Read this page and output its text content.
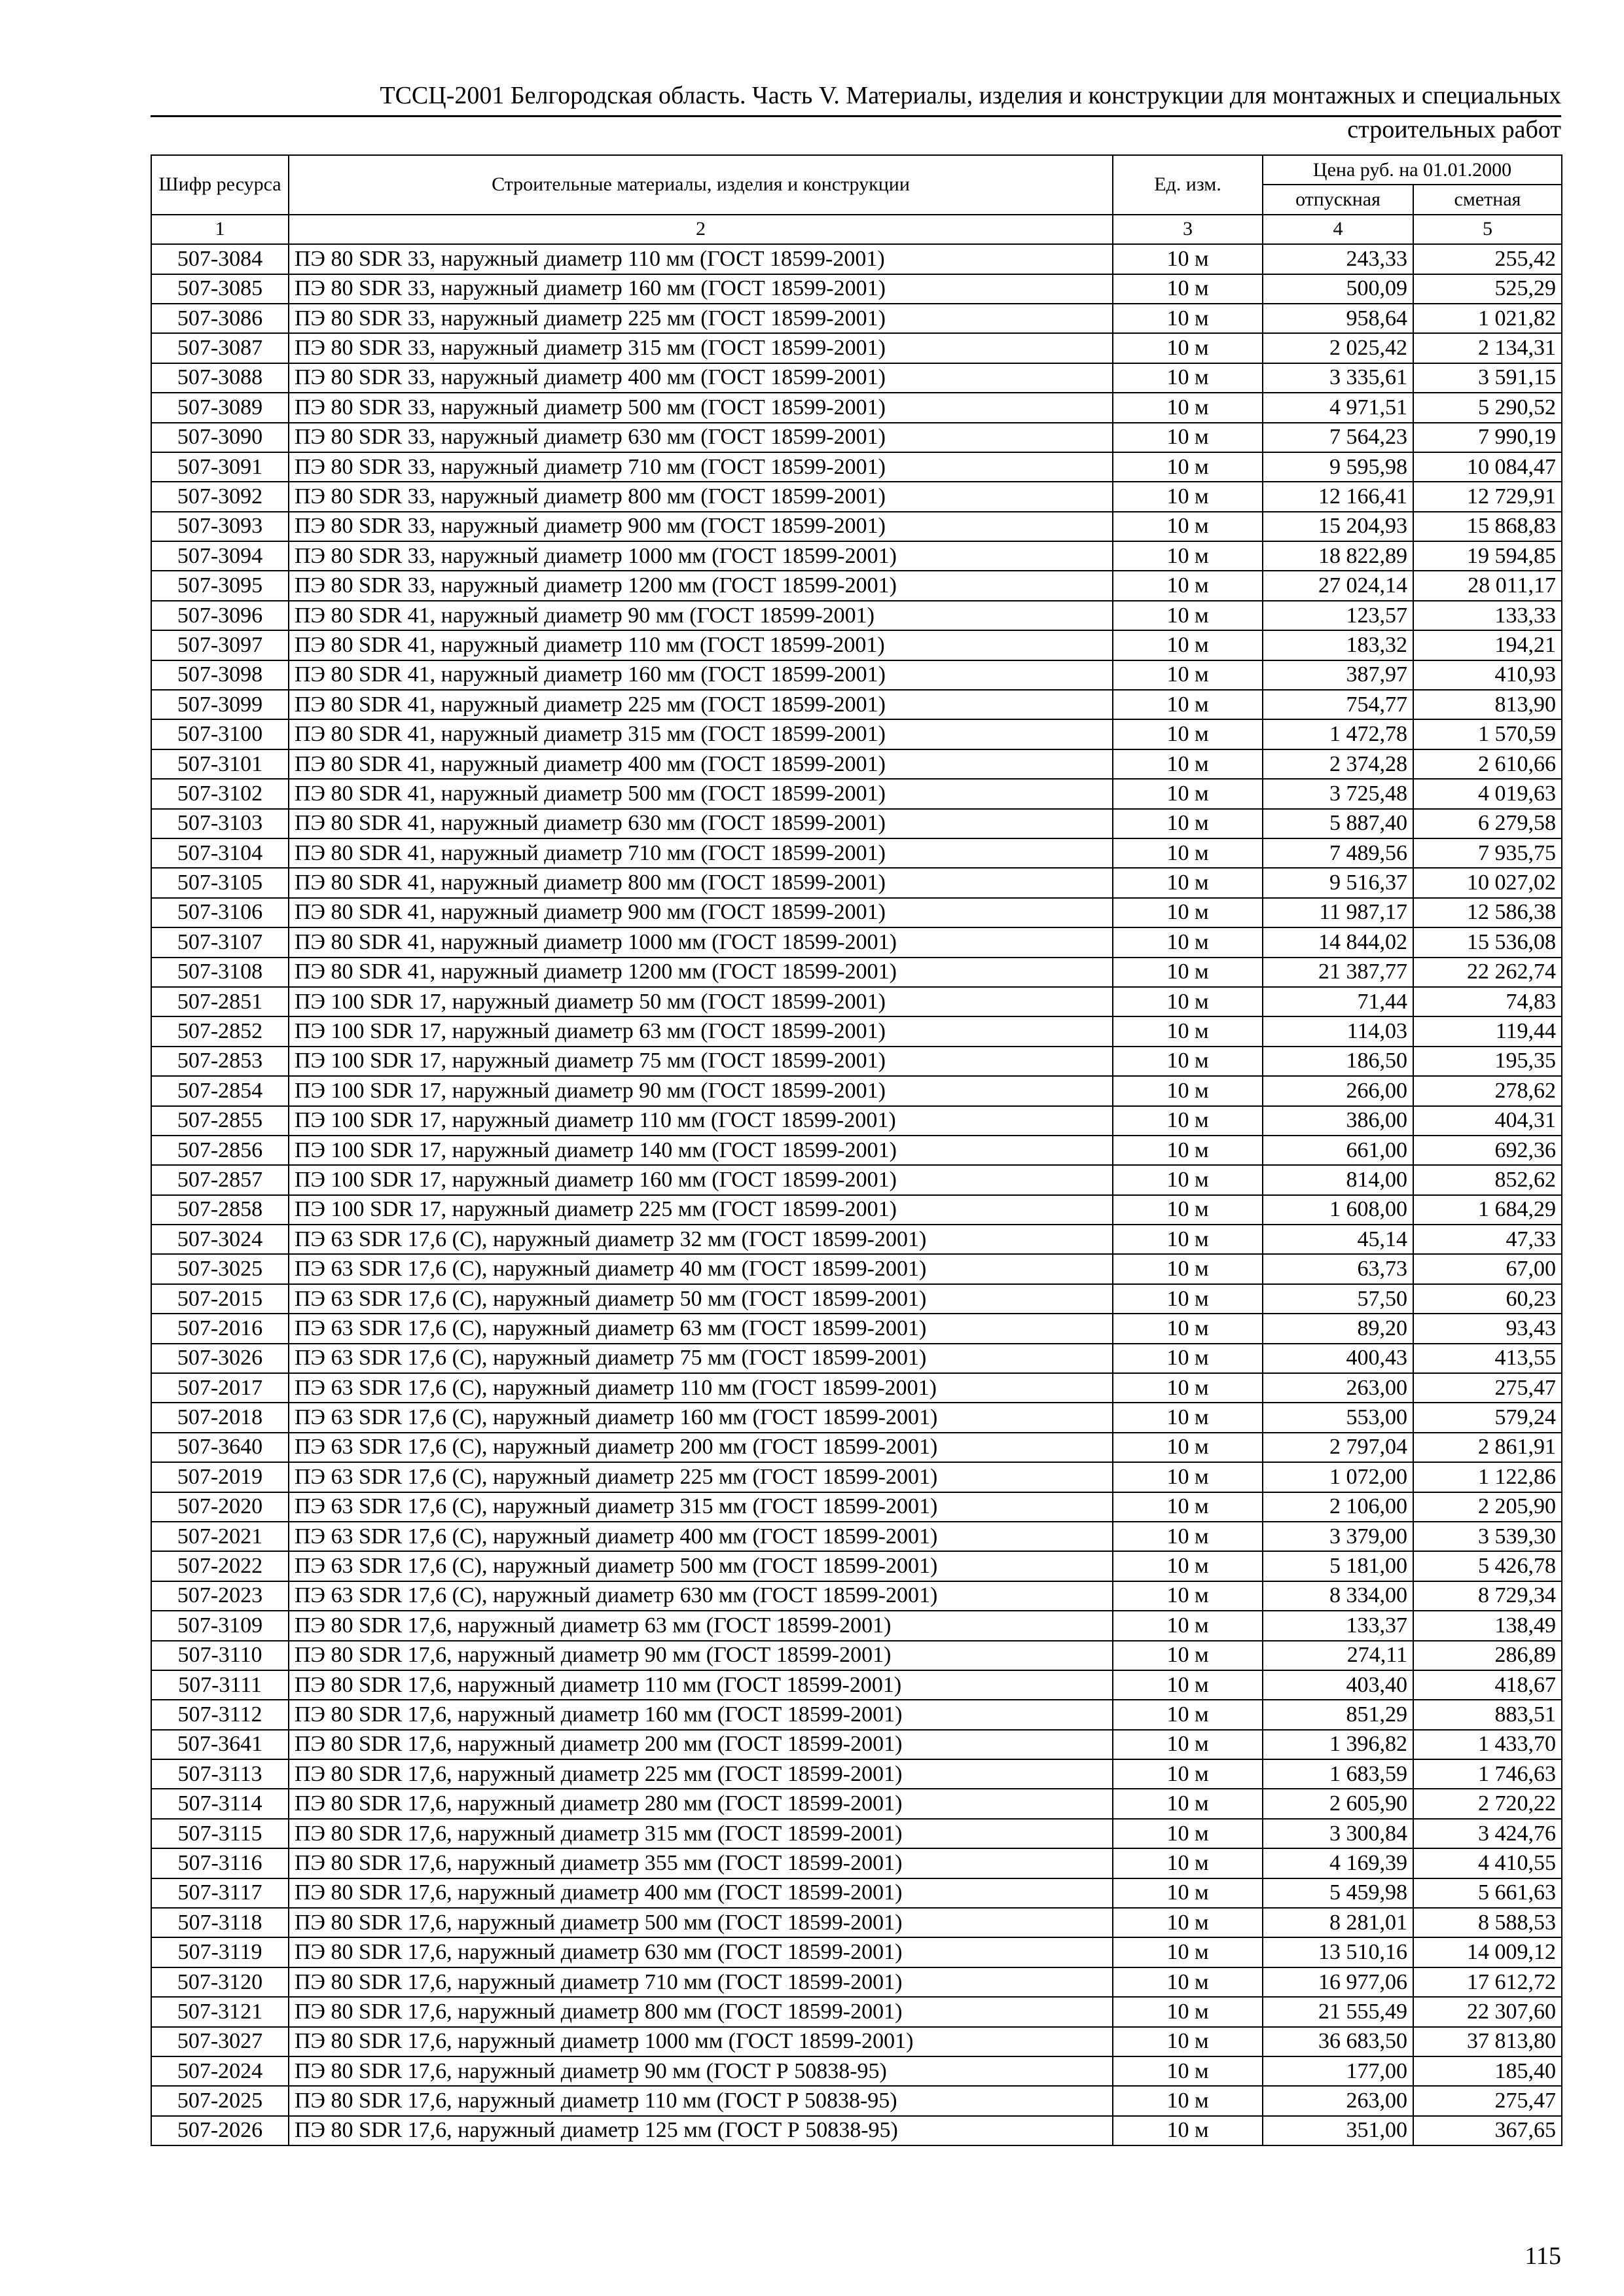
ТССЦ-2001 Белгородская область. Часть V. Материалы, изделия и конструкции для монтажных и специальных
строительных работ
Шифр ресурса	Строительные материалы, изделия и конструкции	Ед. изм.	Цена руб. на 01.01.2000	
			отпускная	сметная
1	2	3	4	5
507-3084	ПЭ 80 SDR 33, наружный диаметр 110 мм (ГОСТ 18599-2001)	10 м	243,33	255,42
507-3085	ПЭ 80 SDR 33, наружный диаметр 160 мм (ГОСТ 18599-2001)	10 м	500,09	525,29
507-3086	ПЭ 80 SDR 33, наружный диаметр 225 мм (ГОСТ 18599-2001)	10 м	958,64	1 021,82
507-3087	ПЭ 80 SDR 33, наружный диаметр 315 мм (ГОСТ 18599-2001)	10 м	2 025,42	2 134,31
507-3088	ПЭ 80 SDR 33, наружный диаметр 400 мм (ГОСТ 18599-2001)	10 м	3 335,61	3 591,15
507-3089	ПЭ 80 SDR 33, наружный диаметр 500 мм (ГОСТ 18599-2001)	10 м	4 971,51	5 290,52
507-3090	ПЭ 80 SDR 33, наружный диаметр 630 мм (ГОСТ 18599-2001)	10 м	7 564,23	7 990,19
507-3091	ПЭ 80 SDR 33, наружный диаметр 710 мм (ГОСТ 18599-2001)	10 м	9 595,98	10 084,47
507-3092	ПЭ 80 SDR 33, наружный диаметр 800 мм (ГОСТ 18599-2001)	10 м	12 166,41	12 729,91
507-3093	ПЭ 80 SDR 33, наружный диаметр 900 мм (ГОСТ 18599-2001)	10 м	15 204,93	15 868,83
507-3094	ПЭ 80 SDR 33, наружный диаметр 1000 мм (ГОСТ 18599-2001)	10 м	18 822,89	19 594,85
507-3095	ПЭ 80 SDR 33, наружный диаметр 1200 мм (ГОСТ 18599-2001)	10 м	27 024,14	28 011,17
507-3096	ПЭ 80 SDR 41, наружный диаметр 90 мм (ГОСТ 18599-2001)	10 м	123,57	133,33
507-3097	ПЭ 80 SDR 41, наружный диаметр 110 мм (ГОСТ 18599-2001)	10 м	183,32	194,21
507-3098	ПЭ 80 SDR 41, наружный диаметр 160 мм (ГОСТ 18599-2001)	10 м	387,97	410,93
507-3099	ПЭ 80 SDR 41, наружный диаметр 225 мм (ГОСТ 18599-2001)	10 м	754,77	813,90
507-3100	ПЭ 80 SDR 41, наружный диаметр 315 мм (ГОСТ 18599-2001)	10 м	1 472,78	1 570,59
507-3101	ПЭ 80 SDR 41, наружный диаметр 400 мм (ГОСТ 18599-2001)	10 м	2 374,28	2 610,66
507-3102	ПЭ 80 SDR 41, наружный диаметр 500 мм (ГОСТ 18599-2001)	10 м	3 725,48	4 019,63
507-3103	ПЭ 80 SDR 41, наружный диаметр 630 мм (ГОСТ 18599-2001)	10 м	5 887,40	6 279,58
507-3104	ПЭ 80 SDR 41, наружный диаметр 710 мм (ГОСТ 18599-2001)	10 м	7 489,56	7 935,75
507-3105	ПЭ 80 SDR 41, наружный диаметр 800 мм (ГОСТ 18599-2001)	10 м	9 516,37	10 027,02
507-3106	ПЭ 80 SDR 41, наружный диаметр 900 мм (ГОСТ 18599-2001)	10 м	11 987,17	12 586,38
507-3107	ПЭ 80 SDR 41, наружный диаметр 1000 мм (ГОСТ 18599-2001)	10 м	14 844,02	15 536,08
507-3108	ПЭ 80 SDR 41, наружный диаметр 1200 мм (ГОСТ 18599-2001)	10 м	21 387,77	22 262,74
507-2851	ПЭ 100 SDR 17, наружный диаметр 50 мм (ГОСТ 18599-2001)	10 м	71,44	74,83
507-2852	ПЭ 100 SDR 17, наружный диаметр 63 мм (ГОСТ 18599-2001)	10 м	114,03	119,44
507-2853	ПЭ 100 SDR 17, наружный диаметр 75 мм (ГОСТ 18599-2001)	10 м	186,50	195,35
507-2854	ПЭ 100 SDR 17, наружный диаметр 90 мм (ГОСТ 18599-2001)	10 м	266,00	278,62
507-2855	ПЭ 100 SDR 17, наружный диаметр 110 мм (ГОСТ 18599-2001)	10 м	386,00	404,31
507-2856	ПЭ 100 SDR 17, наружный диаметр 140 мм (ГОСТ 18599-2001)	10 м	661,00	692,36
507-2857	ПЭ 100 SDR 17, наружный диаметр 160 мм (ГОСТ 18599-2001)	10 м	814,00	852,62
507-2858	ПЭ 100 SDR 17, наружный диаметр 225 мм (ГОСТ 18599-2001)	10 м	1 608,00	1 684,29
507-3024	ПЭ 63 SDR 17,6 (С), наружный диаметр 32 мм (ГОСТ 18599-2001)	10 м	45,14	47,33
507-3025	ПЭ 63 SDR 17,6 (С), наружный диаметр 40 мм (ГОСТ 18599-2001)	10 м	63,73	67,00
507-2015	ПЭ 63 SDR 17,6 (С), наружный диаметр 50 мм (ГОСТ 18599-2001)	10 м	57,50	60,23
507-2016	ПЭ 63 SDR 17,6 (С), наружный диаметр 63 мм (ГОСТ 18599-2001)	10 м	89,20	93,43
507-3026	ПЭ 63 SDR 17,6 (С), наружный диаметр 75 мм (ГОСТ 18599-2001)	10 м	400,43	413,55
507-2017	ПЭ 63 SDR 17,6 (С), наружный диаметр 110 мм (ГОСТ 18599-2001)	10 м	263,00	275,47
507-2018	ПЭ 63 SDR 17,6 (С), наружный диаметр 160 мм (ГОСТ 18599-2001)	10 м	553,00	579,24
507-3640	ПЭ 63 SDR 17,6 (С), наружный диаметр 200 мм (ГОСТ 18599-2001)	10 м	2 797,04	2 861,91
507-2019	ПЭ 63 SDR 17,6 (С), наружный диаметр 225 мм (ГОСТ 18599-2001)	10 м	1 072,00	1 122,86
507-2020	ПЭ 63 SDR 17,6 (С), наружный диаметр 315 мм (ГОСТ 18599-2001)	10 м	2 106,00	2 205,90
507-2021	ПЭ 63 SDR 17,6 (С), наружный диаметр 400 мм (ГОСТ 18599-2001)	10 м	3 379,00	3 539,30
507-2022	ПЭ 63 SDR 17,6 (С), наружный диаметр 500 мм (ГОСТ 18599-2001)	10 м	5 181,00	5 426,78
507-2023	ПЭ 63 SDR 17,6 (С), наружный диаметр 630 мм (ГОСТ 18599-2001)	10 м	8 334,00	8 729,34
507-3109	ПЭ 80 SDR 17,6, наружный диаметр 63 мм (ГОСТ 18599-2001)	10 м	133,37	138,49
507-3110	ПЭ 80 SDR 17,6, наружный диаметр 90 мм (ГОСТ 18599-2001)	10 м	274,11	286,89
507-3111	ПЭ 80 SDR 17,6, наружный диаметр 110 мм (ГОСТ 18599-2001)	10 м	403,40	418,67
507-3112	ПЭ 80 SDR 17,6, наружный диаметр 160 мм (ГОСТ 18599-2001)	10 м	851,29	883,51
507-3641	ПЭ 80 SDR 17,6, наружный диаметр 200 мм (ГОСТ 18599-2001)	10 м	1 396,82	1 433,70
507-3113	ПЭ 80 SDR 17,6, наружный диаметр 225 мм (ГОСТ 18599-2001)	10 м	1 683,59	1 746,63
507-3114	ПЭ 80 SDR 17,6, наружный диаметр 280 мм (ГОСТ 18599-2001)	10 м	2 605,90	2 720,22
507-3115	ПЭ 80 SDR 17,6, наружный диаметр 315 мм (ГОСТ 18599-2001)	10 м	3 300,84	3 424,76
507-3116	ПЭ 80 SDR 17,6, наружный диаметр 355 мм (ГОСТ 18599-2001)	10 м	4 169,39	4 410,55
507-3117	ПЭ 80 SDR 17,6, наружный диаметр 400 мм (ГОСТ 18599-2001)	10 м	5 459,98	5 661,63
507-3118	ПЭ 80 SDR 17,6, наружный диаметр 500 мм (ГОСТ 18599-2001)	10 м	8 281,01	8 588,53
507-3119	ПЭ 80 SDR 17,6, наружный диаметр 630 мм (ГОСТ 18599-2001)	10 м	13 510,16	14 009,12
507-3120	ПЭ 80 SDR 17,6, наружный диаметр 710 мм (ГОСТ 18599-2001)	10 м	16 977,06	17 612,72
507-3121	ПЭ 80 SDR 17,6, наружный диаметр 800 мм (ГОСТ 18599-2001)	10 м	21 555,49	22 307,60
507-3027	ПЭ 80 SDR 17,6, наружный диаметр 1000 мм (ГОСТ 18599-2001)	10 м	36 683,50	37 813,80
507-2024	ПЭ 80 SDR 17,6, наружный диаметр 90 мм (ГОСТ Р 50838-95)	10 м	177,00	185,40
507-2025	ПЭ 80 SDR 17,6, наружный диаметр 110 мм (ГОСТ Р 50838-95)	10 м	263,00	275,47
507-2026	ПЭ 80 SDR 17,6, наружный диаметр 125 мм (ГОСТ Р 50838-95)	10 м	351,00	367,65
115
